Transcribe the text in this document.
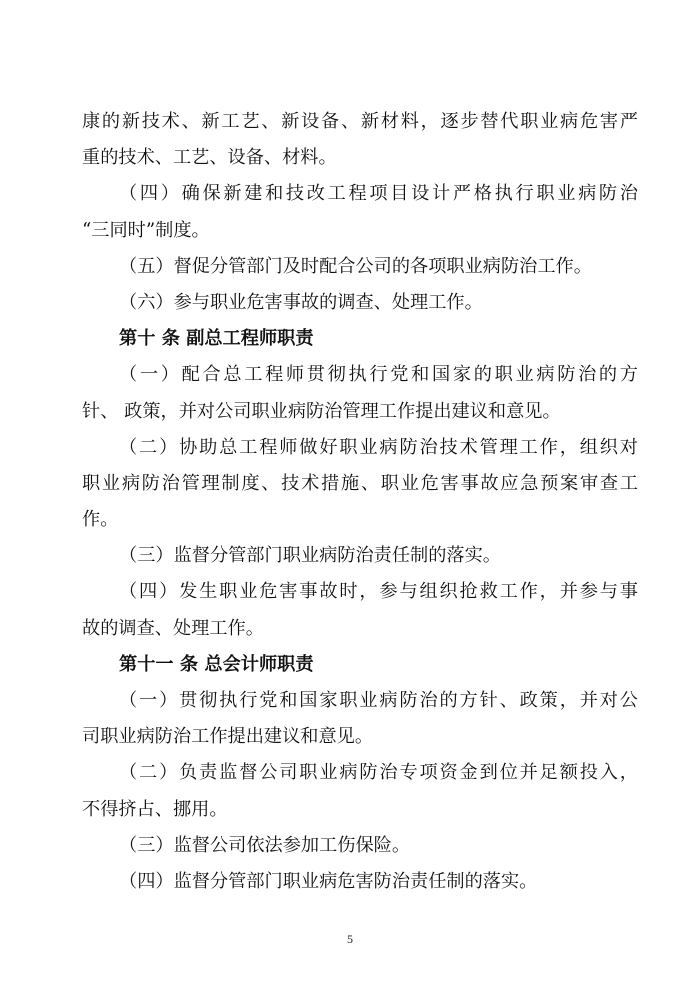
康的新技术、新工艺、新设备、新材料，逐步替代职业病危害严
重的技术、工艺、设备、材料。
（四）确保新建和技改工程项目设计严格执行职业病防治
“三同时”制度。
（五）督促分管部门及时配合公司的各项职业病防治工作。
（六）参与职业危害事故的调查、处理工作。
第十 条 副总工程师职责
（一）配合总工程师贯彻执行党和国家的职业病防治的方
针、 政策，并对公司职业病防治管理工作提出建议和意见。
（二）协助总工程师做好职业病防治技术管理工作，组织对
职业病防治管理制度、技术措施、职业危害事故应急预案审查工
作。
（三）监督分管部门职业病防治责任制的落实。
（四）发生职业危害事故时，参与组织抢救工作，并参与事
故的调查、处理工作。
第十一 条 总会计师职责
（一）贯彻执行党和国家职业病防治的方针、政策，并对公
司职业病防治工作提出建议和意见。
（二）负责监督公司职业病防治专项资金到位并足额投入，
不得挤占、挪用。
（三）监督公司依法参加工伤保险。
（四）监督分管部门职业病危害防治责任制的落实。
5
